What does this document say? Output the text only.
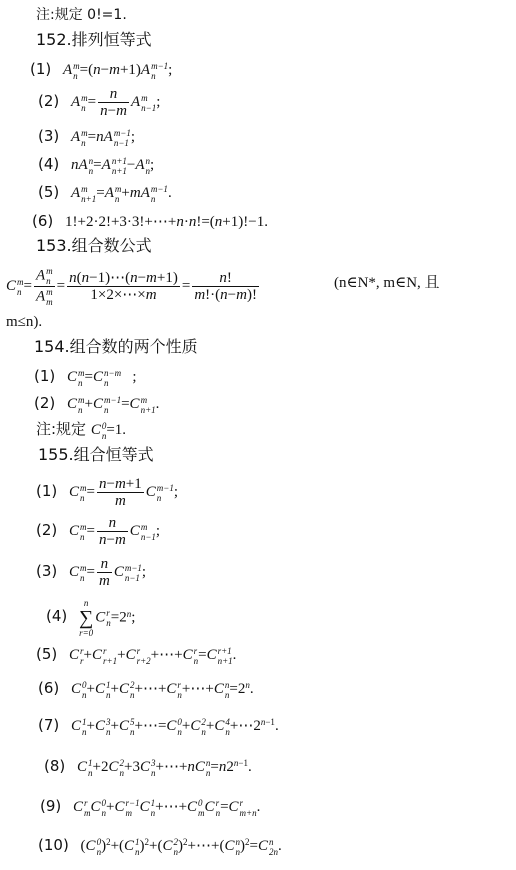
注:规定 0!=1.
152.排列恒等式
(1) A m
n =(n−m+1)A m−1
n ;
(2) A m
$n = \frac{n}{n-m}$ A m
n−1 ;
(3) A m
n =nA m−1
n−1 ;
(4) nA n
n =A n+1
n+1 −A n
n ;
(5) A m
n+1 =A m
n +mA m−1
n .
(6) 1!+2·2!+3·3!+⋯+n·n!=(n+1)!−1.
153.组合数公式
C m
n = A m
n
A m
$m = \frac{n(n-1)\cdots(n-m+1)}{1\times 2\times\cdots\times m} = \frac{n!}{m!\cdot(n-m)!}$	(n∈N*, m∈N, 且
m≤n).
154.组合数的两个性质
(1) C m
n =C n−m
n ;
(2) C m
n +C m−1
n =C m
n+1 .
注:规定 C 0
n =1.
155.组合恒等式
(1) C m
$n = \frac{n-m+1}{m}$ C m−1
n ;
(2) C m
$n = \frac{n}{n-m}$ C m
n−1 ;
(3) C m
$n = \frac{n}{m}$ C m−1
n−1 ;
(4)
n
∑
r=0
C r
$n =2^n$;
(5) C r
r +C r
r+1 +C r
r+2 +⋯+C r
n =C r+1
n+1 .
(6) C 0
n +C 1
n +C 2
n +⋯+C r
n +⋯+C n
$n =2^n$.
(7) C 1
n +C 3
n +C 5
n +⋯=C 0
n +C 2
n +C 4
$n +\cdots 2^{n-1}$.
(8) C 1
n +2C 2
n +3C 3
n +⋯+nC n
$n =n2^{n-1}$.
(9) C r
m C 0
n +C r−1
m C 1
n +⋯+C 0
m C r
n =C r
m+n .
(10) (C 0
n )$^2$+(C 1
n )$^2$+(C 2
n )$^2$+⋯+(C n
n )$^2$=C n
2n .
